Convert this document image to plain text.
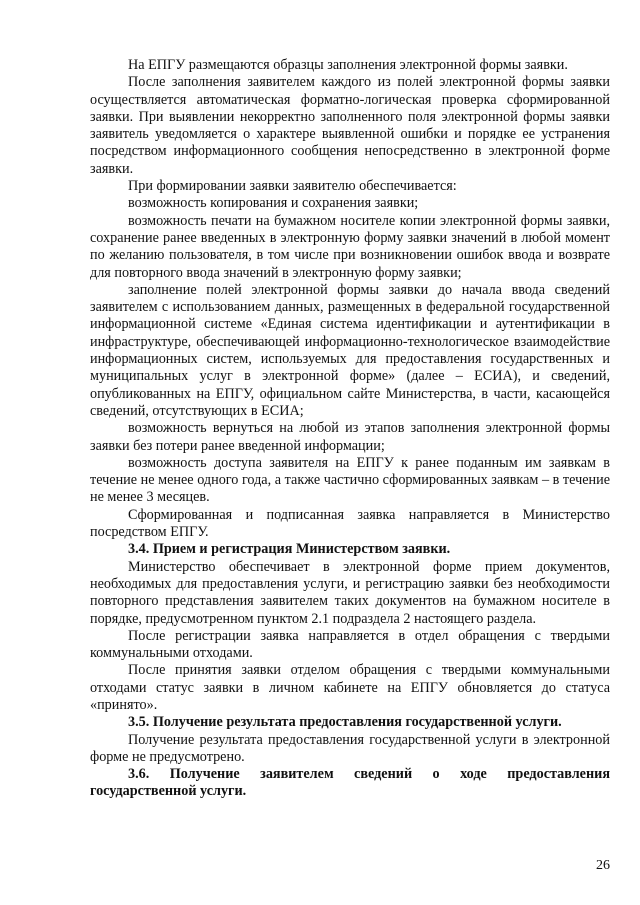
На ЕПГУ размещаются образцы заполнения электронной формы заявки.

После заполнения заявителем каждого из полей электронной формы заявки осуществляется автоматическая форматно-логическая проверка сформированной заявки. При выявлении некорректно заполненного поля электронной формы заявки заявитель уведомляется о характере выявленной ошибки и порядке ее устранения посредством информационного сообщения непосредственно в электронной форме заявки.

При формировании заявки заявителю обеспечивается:

возможность копирования и сохранения заявки;

возможность печати на бумажном носителе копии электронной формы заявки, сохранение ранее введенных в электронную форму заявки значений в любой момент по желанию пользователя, в том числе при возникновении ошибок ввода и возврате для повторного ввода значений в электронную форму заявки;

заполнение полей электронной формы заявки до начала ввода сведений заявителем с использованием данных, размещенных в федеральной государственной информационной системе «Единая система идентификации и аутентификации в инфраструктуре, обеспечивающей информационно-технологическое взаимодействие информационных систем, используемых для предоставления государственных и муниципальных услуг в электронной форме» (далее – ЕСИА), и сведений, опубликованных на ЕПГУ, официальном сайте Министерства, в части, касающейся сведений, отсутствующих в ЕСИА;

возможность вернуться на любой из этапов заполнения электронной формы заявки без потери ранее введенной информации;

возможность доступа заявителя на ЕПГУ к ранее поданным им заявкам в течение не менее одного года, а также частично сформированных заявкам – в течение не менее 3 месяцев.

Сформированная и подписанная заявка направляется в Министерство посредством ЕПГУ.

3.4. Прием и регистрация Министерством заявки.

Министерство обеспечивает в электронной форме прием документов, необходимых для предоставления услуги, и регистрацию заявки без необходимости повторного представления заявителем таких документов на бумажном носителе в порядке, предусмотренном пунктом 2.1 подраздела 2 настоящего раздела.

После регистрации заявка направляется в отдел обращения с твердыми коммунальными отходами.

После принятия заявки отделом обращения с твердыми коммунальными отходами статус заявки в личном кабинете на ЕПГУ обновляется до статуса «принято».

3.5. Получение результата предоставления государственной услуги.

Получение результата предоставления государственной услуги в электронной форме не предусмотрено.

3.6. Получение заявителем сведений о ходе предоставления государственной услуги.

26
